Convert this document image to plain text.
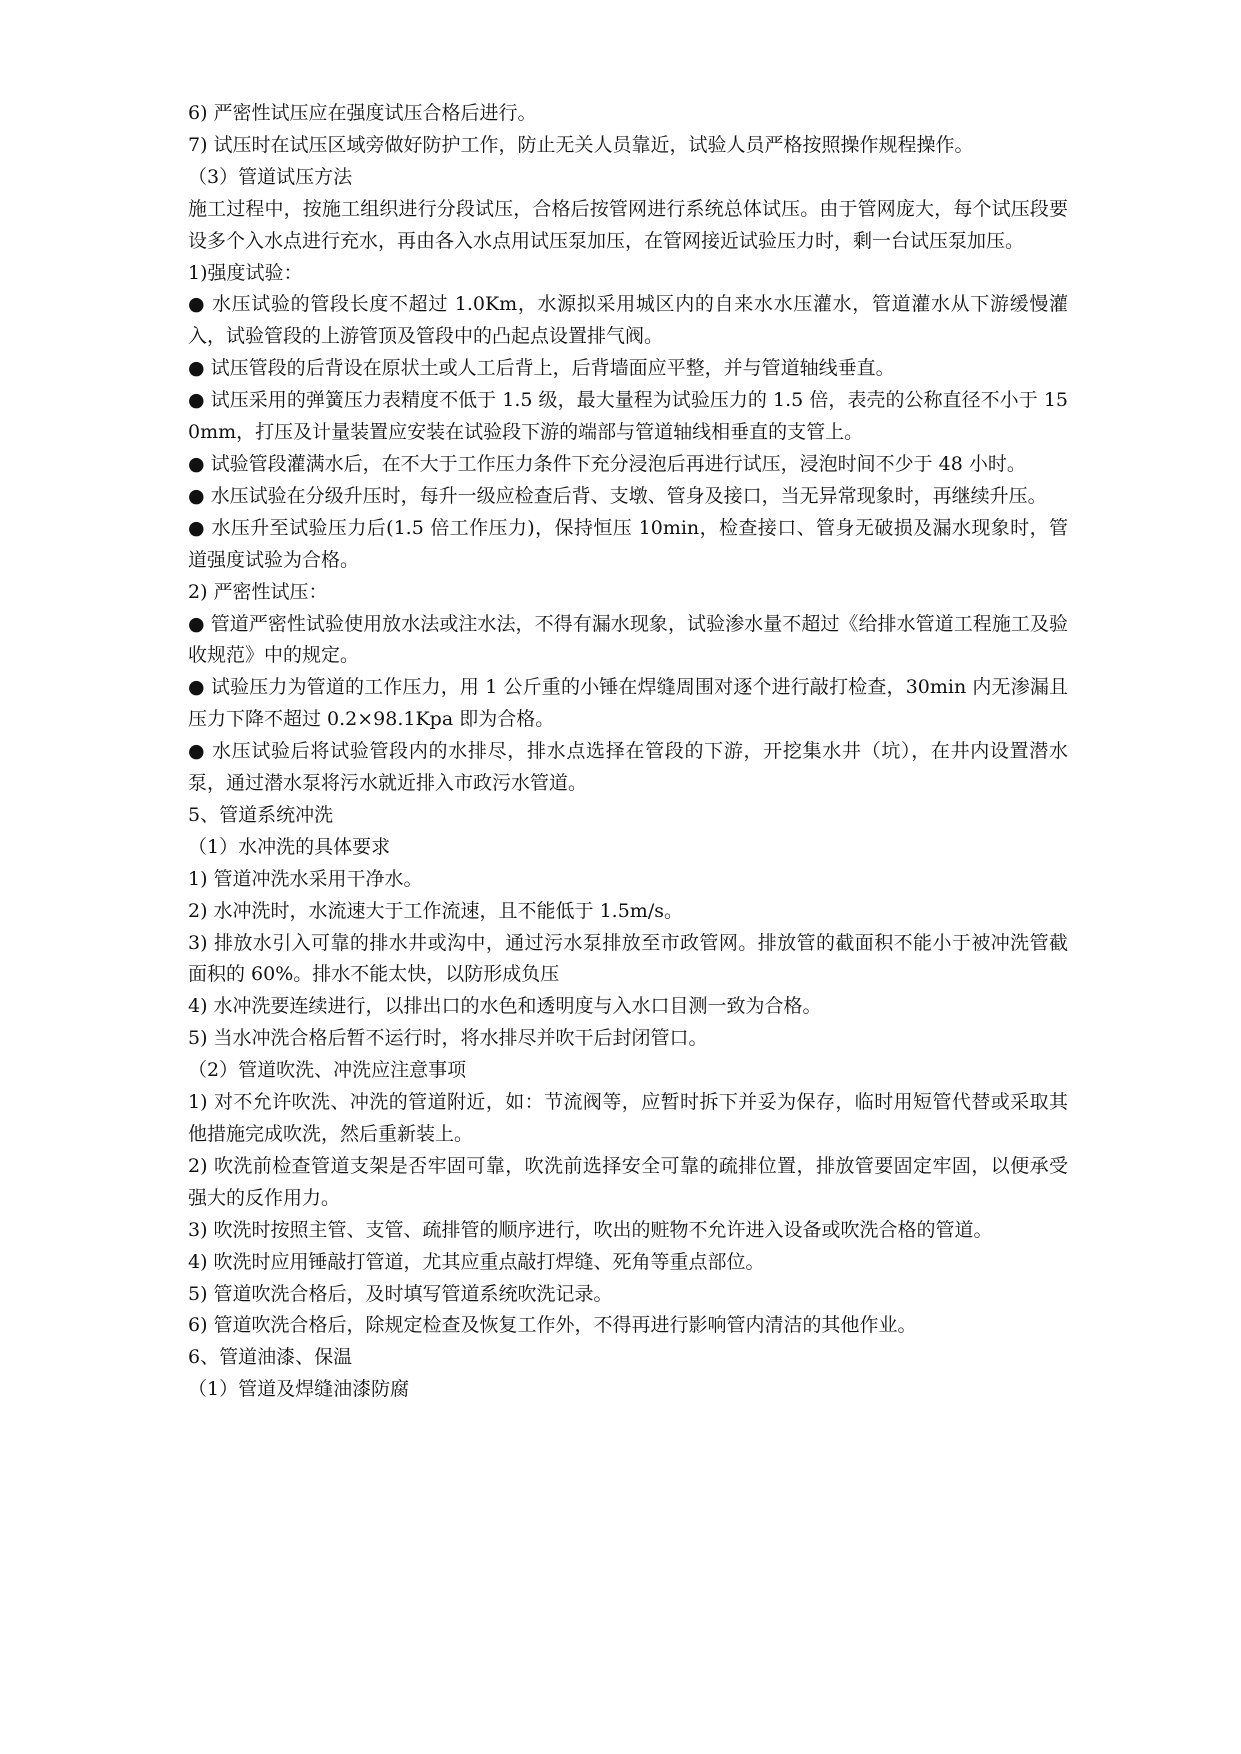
6) 严密性试压应在强度试压合格后进行。

7) 试压时在试压区域旁做好防护工作，防止无关人员靠近，试验人员严格按照操作规程操作。

（3）管道试压方法

施工过程中，按施工组织进行分段试压，合格后按管网进行系统总体试压。由于管网庞大，每个试压段要设多个入水点进行充水，再由各入水点用试压泵加压，在管网接近试验压力时，剩一台试压泵加压。

1)强度试验：

● 水压试验的管段长度不超过 1.0Km，水源拟采用城区内的自来水水压灌水，管道灌水从下游缓慢灌入，试验管段的上游管顶及管段中的凸起点设置排气阀。

● 试压管段的后背设在原状土或人工后背上，后背墙面应平整，并与管道轴线垂直。

● 试压采用的弹簧压力表精度不低于 1.5 级，最大量程为试验压力的 1.5 倍，表壳的公称直径不小于 150mm，打压及计量装置应安装在试验段下游的端部与管道轴线相垂直的支管上。

● 试验管段灌满水后，在不大于工作压力条件下充分浸泡后再进行试压，浸泡时间不少于 48 小时。

● 水压试验在分级升压时，每升一级应检查后背、支墩、管身及接口，当无异常现象时，再继续升压。

● 水压升至试验压力后(1.5 倍工作压力)，保持恒压 10min，检查接口、管身无破损及漏水现象时，管道强度试验为合格。

2) 严密性试压：

● 管道严密性试验使用放水法或注水法，不得有漏水现象，试验渗水量不超过《给排水管道工程施工及验收规范》中的规定。

● 试验压力为管道的工作压力，用 1 公斤重的小锤在焊缝周围对逐个进行敲打检查，30min 内无渗漏且压力下降不超过 0.2×98.1Kpa 即为合格。

● 水压试验后将试验管段内的水排尽，排水点选择在管段的下游，开挖集水井（坑），在井内设置潜水泵，通过潜水泵将污水就近排入市政污水管道。

5、管道系统冲洗

（1）水冲洗的具体要求

1) 管道冲洗水采用干净水。

2) 水冲洗时，水流速大于工作流速，且不能低于 1.5m/s。

3) 排放水引入可靠的排水井或沟中，通过污水泵排放至市政管网。排放管的截面积不能小于被冲洗管截面积的 60%。排水不能太快，以防形成负压

4) 水冲洗要连续进行，以排出口的水色和透明度与入水口目测一致为合格。

5) 当水冲洗合格后暂不运行时，将水排尽并吹干后封闭管口。

（2）管道吹洗、冲洗应注意事项

1) 对不允许吹洗、冲洗的管道附近，如：节流阀等，应暂时拆下并妥为保存，临时用短管代替或采取其他措施完成吹洗，然后重新装上。

2) 吹洗前检查管道支架是否牢固可靠，吹洗前选择安全可靠的疏排位置，排放管要固定牢固，以便承受强大的反作用力。

3) 吹洗时按照主管、支管、疏排管的顺序进行，吹出的赃物不允许进入设备或吹洗合格的管道。

4) 吹洗时应用锤敲打管道，尤其应重点敲打焊缝、死角等重点部位。

5) 管道吹洗合格后，及时填写管道系统吹洗记录。

6) 管道吹洗合格后，除规定检查及恢复工作外，不得再进行影响管内清洁的其他作业。

6、管道油漆、保温

（1）管道及焊缝油漆防腐
